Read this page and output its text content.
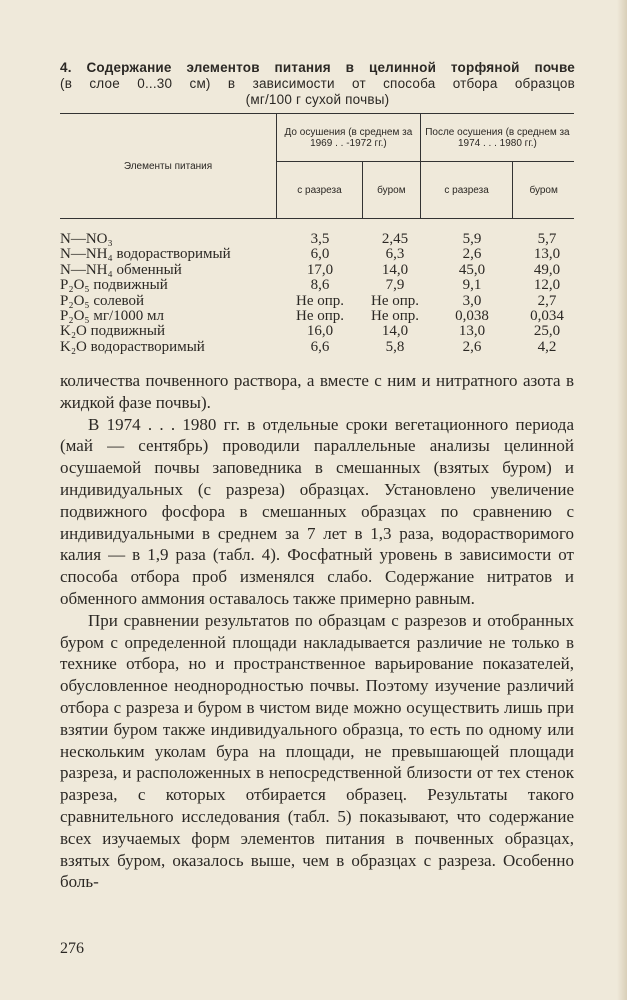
4. Содержание элементов питания в целинной торфяной почве
(в слое 0...30 см) в зависимости от способа отбора образцов
(мг/100 г сухой почвы)
Элементы питания	До осушения (в среднем за 1969 . . -1972 гг.)		После осушения (в среднем за 1974 . . . 1980 гг.)	
	с разреза	буром	с разреза	буром
N—NO₃	3,5	2,45	5,9	5,7
N—NH₄ водорастворимый	6,0	6,3	2,6	13,0
N—NH₄ обменный	17,0	14,0	45,0	49,0
P₂O₅ подвижный	8,6	7,9	9,1	12,0
P₂O₅ солевой	Не опр.	Не опр.	3,0	2,7
P₂O₅ мг/1000 мл	Не опр.	Не опр.	0,038	0,034
K₂O подвижный	16,0	14,0	13,0	25,0
K₂O водорастворимый	6,6	5,8	2,6	4,2

количества почвенного раствора, а вместе с ним и нитратного азота в жидкой фазе почвы).

В 1974 . . . 1980 гг. в отдельные сроки вегетационного периода (май — сентябрь) проводили параллельные анализы целинной осушаемой почвы заповедника в смешанных (взятых буром) и индивидуальных (с разреза) образцах. Установлено увеличение подвижного фосфора в смешанных образцах по сравнению с индивидуальными в среднем за 7 лет в 1,3 раза, водорастворимого калия — в 1,9 раза (табл. 4). Фосфатный уровень в зависимости от способа отбора проб изменялся слабо. Содержание нитратов и обменного аммония оставалось также примерно равным.

При сравнении результатов по образцам с разрезов и отобранных буром с определенной площади накладывается различие не только в технике отбора, но и пространственное варьирование показателей, обусловленное неоднородностью почвы. Поэтому изучение различий отбора с разреза и буром в чистом виде можно осуществить лишь при взятии буром также индивидуального образца, то есть по одному или нескольким уколам бура на площади, не превышающей площади разреза, и расположенных в непосредственной близости от тех стенок разреза, с которых отбирается образец. Результаты такого сравнительного исследования (табл. 5) показывают, что содержание всех изучаемых форм элементов питания в почвенных образцах, взятых буром, оказалось выше, чем в образцах с разреза. Особенно боль-

276
